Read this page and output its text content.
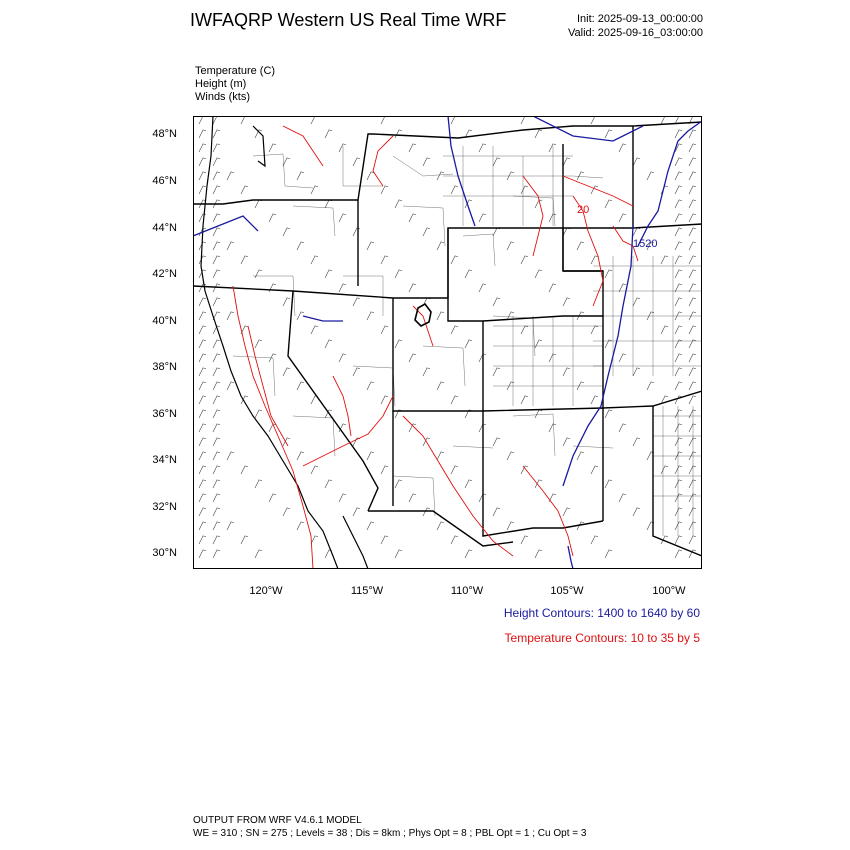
IWFAQRP Western US Real Time WRF	Init: 2025-09-13_00:00:00
Valid: 2025-09-16_03:00:00
Temperature (C)
Height (m)
Winds (kts)
1520
20
48°N
46°N
44°N
42°N
40°N
38°N
36°N
34°N
32°N
30°N
120°W	115°W	110°W	105°W	100°W
Height Contours: 1400 to 1640 by 60
Temperature Contours: 10 to 35 by 5
OUTPUT FROM WRF V4.6.1 MODEL
WE = 310 ; SN = 275 ; Levels = 38 ; Dis = 8km ; Phys Opt = 8 ; PBL Opt = 1 ; Cu Opt = 3
